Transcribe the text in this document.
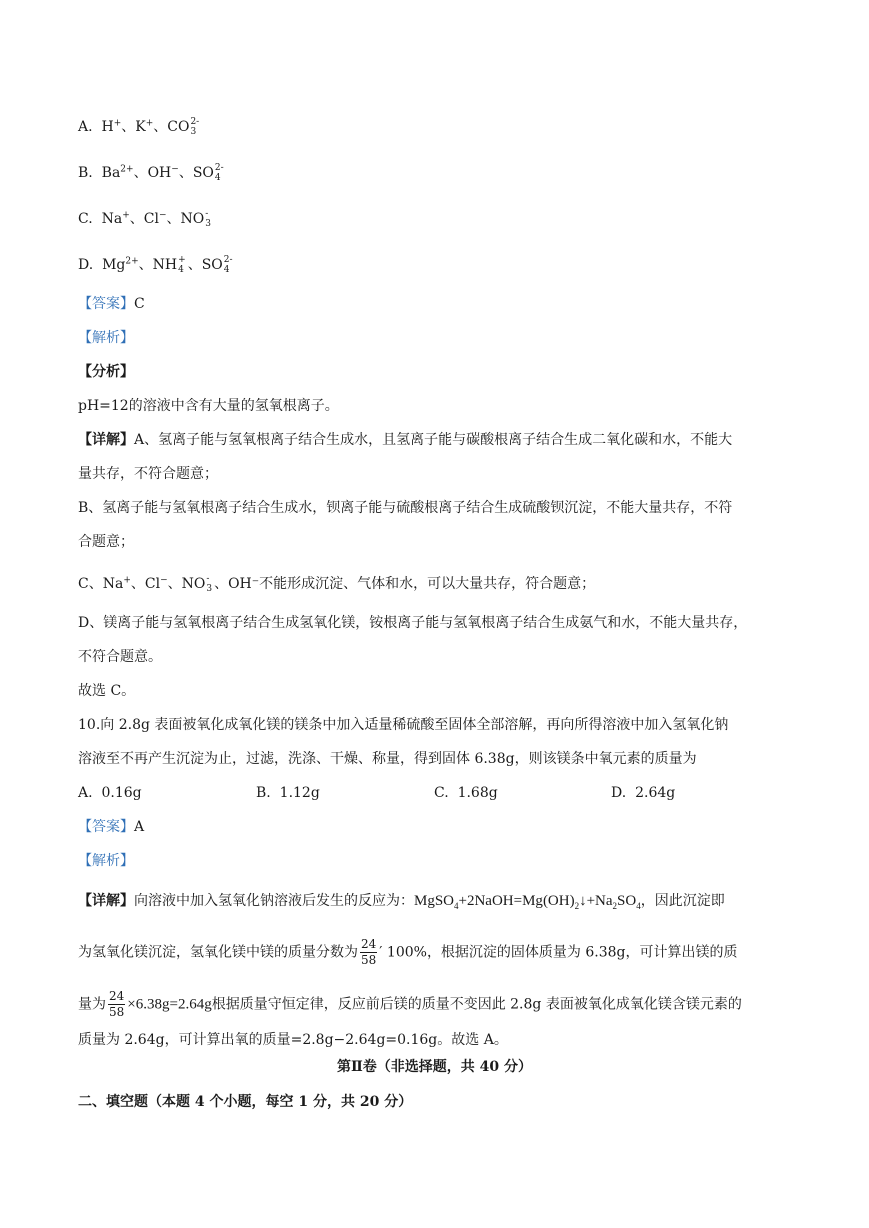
A. H+、K+、CO 2-
3
B. $Ba^{2+}$、OH−、SO 2-
4
C. Na+、Cl−、NO -
3
D. $Mg^{2+}$、NH +
4 、SO 2-
4
【答案】C
【解析】
【分析】
pH=12的溶液中含有大量的氢氧根离子。
【详解】A、氢离子能与氢氧根离子结合生成水，且氢离子能与碳酸根离子结合生成二氧化碳和水，不能大
量共存，不符合题意；
B、氢离子能与氢氧根离子结合生成水，钡离子能与硫酸根离子结合生成硫酸钡沉淀，不能大量共存，不符
合题意；
C、Na+、Cl−、NO -
3 、OH⁻不能形成沉淀、气体和水，可以大量共存，符合题意；
D、镁离子能与氢氧根离子结合生成氢氧化镁，铵根离子能与氢氧根离子结合生成氨气和水，不能大量共存，
不符合题意。
故选 C。
10.向 2.8g 表面被氧化成氧化镁的镁条中加入适量稀硫酸至固体全部溶解，再向所得溶液中加入氢氧化钠
溶液至不再产生沉淀为止，过滤，洗涤、干燥、称量，得到固体 6.38g，则该镁条中氧元素的质量为
A. 0.16g	B. 1.12g	C. 1.68g	D. 2.64g
【答案】A
【解析】
【详解】向溶液中加入氢氧化钠溶液后发生的反应为：$MgSO_4+2NaOH=Mg(OH)_2↓+Na_2SO_4$，因此沉淀即
为氢氧化镁沉淀，氢氧化镁中镁的质量分数为 $\frac{24}{58}$ ′ 100%，根据沉淀的固体质量为 6.38g，可计算出镁的质
量为 $\frac{24}{58} \times 6.38g=2.64g$根据质量守恒定律，反应前后镁的质量不变因此 2.8g 表面被氧化成氧化镁含镁元素的
质量为 2.64g，可计算出氧的质量=2.8g−2.64g=0.16g。故选 A。
第Ⅱ卷（非选择题，共 40 分）
二、填空题（本题 4 个小题，每空 1 分，共 20 分）
